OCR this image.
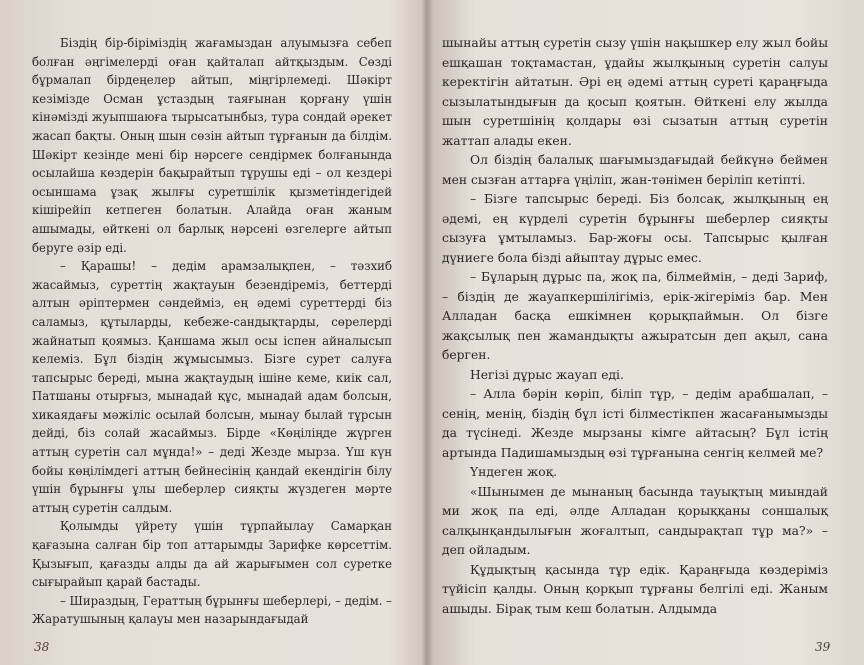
Біздің бір-біріміздің жағамыздан алуымызға себеп болған әңгімелерді оған қайталап айтқыздым. Сөзді бұрмалап бірдеңелер айтып, міңгірлемеді. Шәкірт кезімізде Осман ұстаздың таяғынан қорғану үшін кінәмізді жуыпшаюға тырысатынбыз, тура сондай әрекет жасап бақты. Оның шын сөзін айтып тұрғанын да білдім. Шәкірт кезінде мені бір нәрсеге сендірмек болғанында осылайша көздерін бақырайтып тұрушы еді – ол кездері осыншама ұзақ жылғы суретшілік қызметіндегідей кішірейіп кетпеген болатын. Алайда оған жаным ашымады, өйткені ол барлық нәрсені өзгелерге айтып беруге әзір еді.

– Қарашы! – дедім арамзалықпен, – тәзхиб жасаймыз, суреттің жақтауын безендіреміз, беттерді алтын әріптермен сәндейміз, ең әдемі суреттерді біз саламыз, құтыларды, кебеже-сандықтарды, сөрелерді жайнатып қоямыз. Қаншама жыл осы іспен айналысып келеміз. Бұл біздің жұмысымыз. Бізге сурет салуға тапсырыс береді, мына жақтаудың ішіне кеме, киік сал, Патшаны отырғыз, мынадай құс, мынадай адам болсын, хикаядағы мәжіліс осылай болсын, мынау былай тұрсын дейді, біз солай жасаймыз. Бірде «Көңіліңде жүрген аттың суретін сал мұнда!» – деді Жезде мырза. Үш күн бойы көңілімдегі аттың бейнесінің қандай екендігін білу үшін бұрынғы ұлы шеберлер сияқты жүздеген мәрте аттың суретін салдым.

Қолымды үйрету үшін тұрпайылау Самарқан қағазына салған бір топ аттарымды Зарифке көрсеттім. Қызығып, қағазды алды да ай жарығымен сол суретке сығырайып қарай бастады.

– Шираздың, Гераттың бұрынғы шеберлері, – дедім. – Жаратушының қалауы мен назарындағыдай

38

шынайы аттың суретін сызу үшін нақышкер елу жыл бойы ешқашан тоқтамастан, ұдайы жылқының суретін салуы керектігін айтатын. Әрі ең әдемі аттың суреті қараңғыда сызылатындығын да қосып қоятын. Өйткені елу жылда шын суретшінің қолдары өзі сызатын аттың суретін жаттап алады екен.

Ол біздің балалық шағымыздағыдай бейкүнә беймен мен сызған аттарға үңіліп, жан-тәнімен беріліп кетіпті.

– Бізге тапсырыс береді. Біз болсақ, жылқының ең әдемі, ең күрделі суретін бұрынғы шеберлер сияқты сызуға ұмтыламыз. Бар-жоғы осы. Тапсырыс қылған дүниеге бола бізді айыптау дұрыс емес.

– Бұларың дұрыс па, жоқ па, білмеймін, – деді Зариф, – біздің де жауапкершілігіміз, ерік-жігеріміз бар. Мен Алладан басқа ешкімнен қорықпаймын. Ол бізге жақсылық пен жамандықты ажыратсын деп ақыл, сана берген.

Негізі дұрыс жауап еді.

– Алла бәрін көріп, біліп тұр, – дедім арабшалап, – сенің, менің, біздің бұл істі білместікпен жасағанымызды да түсінеді. Жезде мырзаны кімге айтасың? Бұл істің артында Падишамыздың өзі тұрғанына сенгің келмей ме?

Үндеген жоқ.

«Шынымен де мынаның басында тауықтың миындай ми жоқ па еді, әлде Алладан қорыққаны соншалық салқынқандылығын жоғалтып, сандырақтап тұр ма?» – деп ойладым.

Құдықтың қасында тұр едік. Қараңғыда көздеріміз түйісіп қалды. Оның қорқып тұрғаны белгілі еді. Жаным ашыды. Бірақ тым кеш болатын. Алдымда

39
